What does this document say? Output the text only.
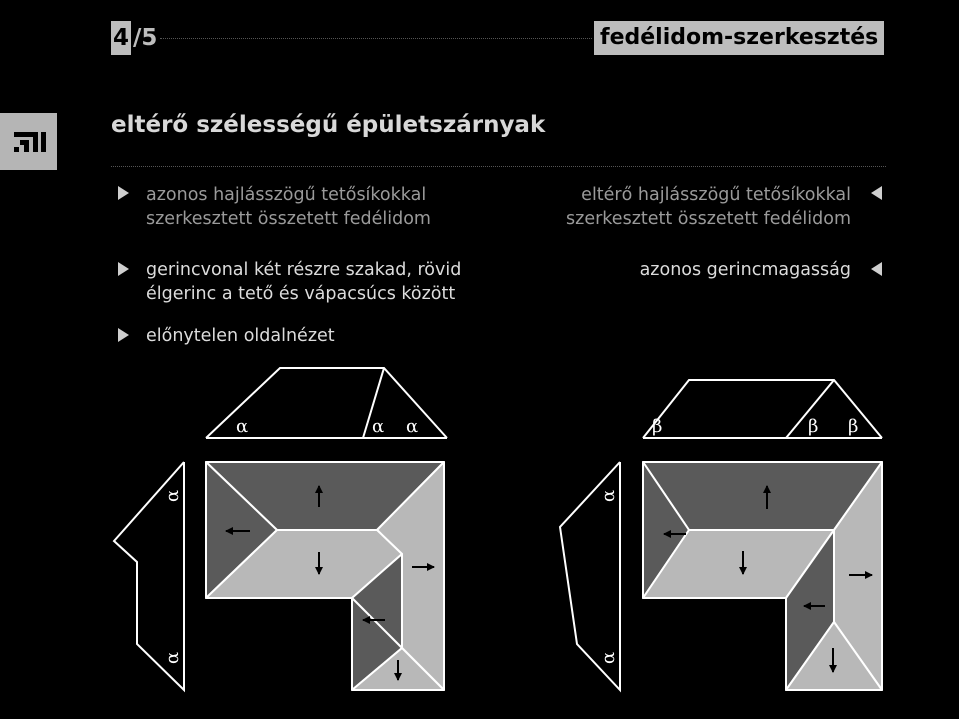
4 /5	fedélidom-szerkesztés
eltérő szélességű épületszárnyak
azonos hajlásszögű tetősíkokkal
szerkesztett összetett fedélidom
gerincvonal két részre szakad, rövid
élgerinc a tető és vápacsúcs között
előnytelen oldalnézet
eltérő hajlásszögű tetősíkokkal
szerkesztett összetett fedélidom
azonos gerincmagasság
α	α α
α
α
β	β β
α
α
